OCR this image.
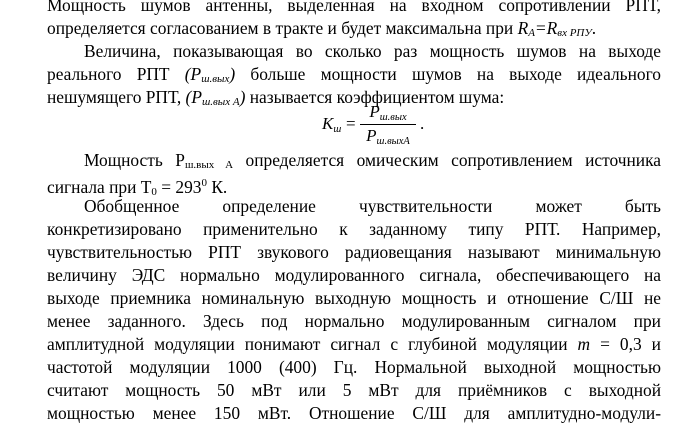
Мощность шумов антенны, выделенная на входном сопротивлении РПТ,
определяется согласованием в тракте и будет максимальна при $R_A=R_{вх РПУ}$.
Величина, показывающая во сколько раз мощность шумов на выходе
реального РПТ $(Р_{ш.вых})$ больше мощности шумов на выходе идеального
нешумящего РПТ, $(Р_{ш.вых А})$ называется коэффициентом шума:
Kш =
Pш.вых
Pш.выхA
.
Мощность $Р_{ш.вых А}$ определяется омическим сопротивлением источника
сигнала при $T_0 = 293^0$ К.
Обобщенное определение чувствительности может быть
конкретизировано применительно к заданному типу РПТ. Например,
чувствительностью РПТ звукового радиовещания называют минимальную
величину ЭДС нормально модулированного сигнала, обеспечивающего на
выходе приемника номинальную выходную мощность и отношение С/Ш не
менее заданного. Здесь под нормально модулированным сигналом при
амплитудной модуляции понимают сигнал с глубиной модуляции m = 0,3 и
частотой модуляции 1000 (400) Гц. Нормальной выходной мощностью
считают мощность 50 мВт или 5 мВт для приёмников с выходной
мощностью менее 150 мВт. Отношение С/Ш для амплитудно-модули-
